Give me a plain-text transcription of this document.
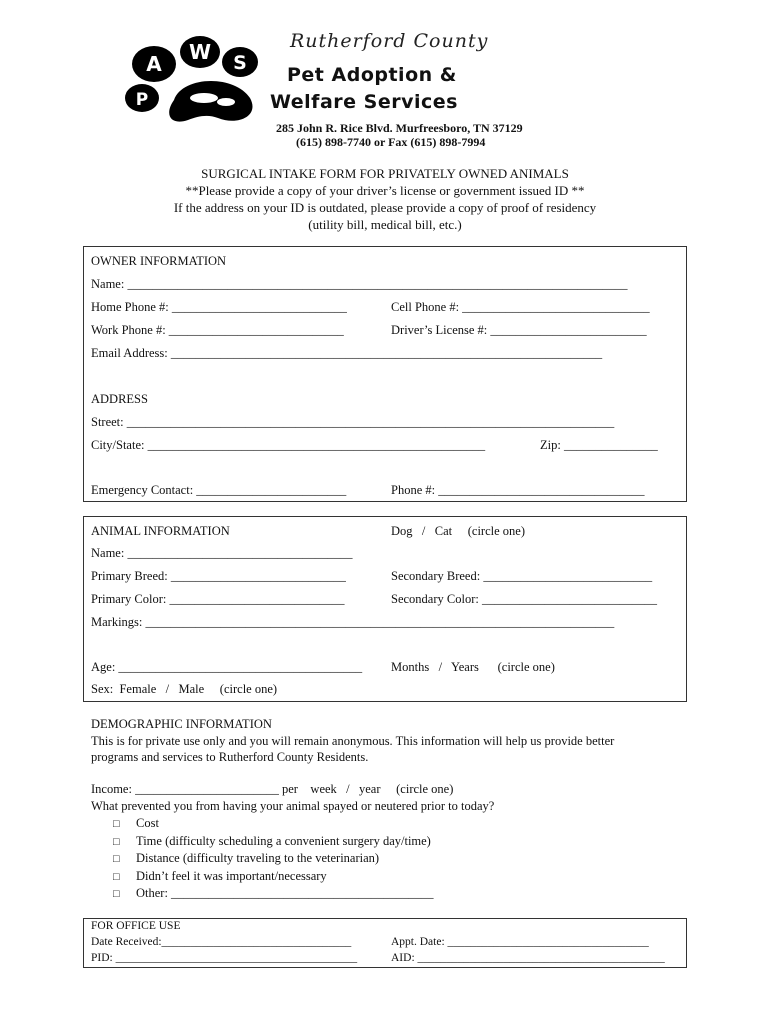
A W S
P
Rutherford County
Pet Adoption &
Welfare Services
285 John R. Rice Blvd. Murfreesboro, TN 37129
(615) 898-7740 or Fax (615) 898-7994
SURGICAL INTAKE FORM FOR PRIVATELY OWNED ANIMALS
**Please provide a copy of your driver’s license or government issued ID **
If the address on your ID is outdated, please provide a copy of proof of residency
(utility bill, medical bill, etc.)
OWNER INFORMATION
Name: ________________________________________________________________________________
Home Phone #: ____________________________	Cell Phone #: ______________________________
Work Phone #: ____________________________	Driver’s License #: _________________________
Email Address: _____________________________________________________________________
ADDRESS
Street: ______________________________________________________________________________
City/State: ______________________________________________________	Zip: _______________
Emergency Contact: ________________________	Phone #: _________________________________
ANIMAL INFORMATION	Dog   /   Cat     (circle one)
Name: ____________________________________
Primary Breed: ____________________________	Secondary Breed: ___________________________
Primary Color: ____________________________	Secondary Color: ____________________________
Markings: ___________________________________________________________________________
Age: _______________________________________ Months   /   Years      (circle one)
Sex:  Female   /   Male     (circle one)
DEMOGRAPHIC INFORMATION
This is for private use only and you will remain anonymous. This information will help us provide better
programs and services to Rutherford County Residents.
Income: _______________________ per    week   /   year     (circle one)
What prevented you from having your animal spayed or neutered prior to today?
□ Cost
□ Time (difficulty scheduling a convenient surgery day/time)
□ Distance (difficulty traveling to the veterinarian)
□ Didn’t feel it was important/necessary
□ Other: __________________________________________
FOR OFFICE USE
Date Received:_________________________________	Appt. Date: ___________________________________
PID: __________________________________________	AID: ___________________________________________
